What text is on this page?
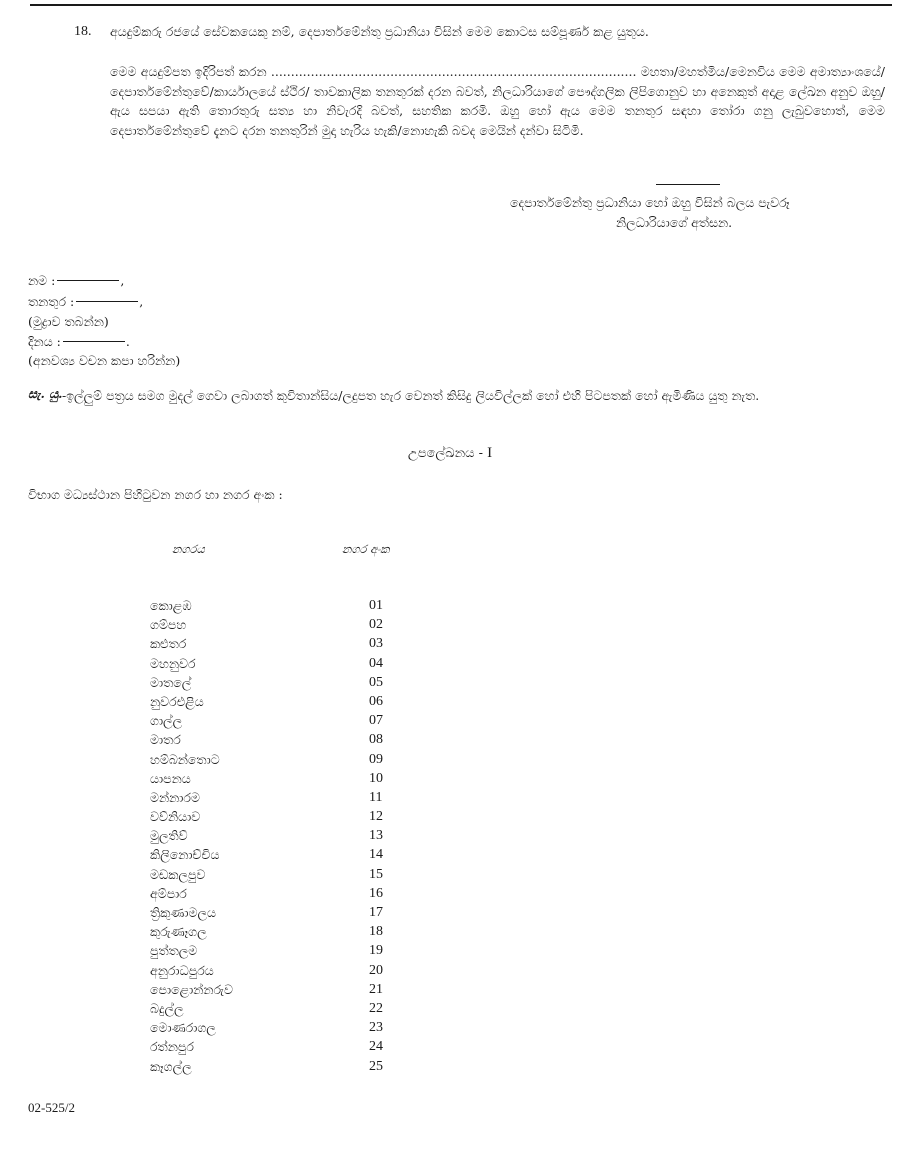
18. අයදුම්කරු රජයේ සේවකයෙකු නම්, දෙපාර්තමේන්තු ප්‍රධානියා විසින් මෙම කොටස සම්පූර්ණ කළ යුතුය.
මෙම අයදුම්පත ඉදිරිපත් කරන ............................................................................................ මහතා/මහත්මිය/මෙනවිය මෙම අමාත්‍යාංශයේ/දෙපාර්තමේන්තුවේ/කාර්යාලයේ ස්ථිර/ තාවකාලික තනතුරක් දරන බවත්, නිලධාරියාගේ පෞද්ගලික ලිපිගොනුව හා අනෙකුත් අදාළ ලේඛන අනුව ඔහු/ඇය සපයා ඇති තොරතුරු සත්‍ය හා නිවැරදි බවත්, සහතික කරමි. ඔහු හෝ ඇය මෙම තනතුර සඳහා තෝරා ගනු ලැබුවහොත්, මෙම දෙපාර්තමේන්තුවේ දැනට දරන තනතුරින් මුදා හැරිය හැකි/නොහැකි බවද මෙයින් දන්වා සිටිමි.
දෙපාර්තමේන්තු ප්‍රධානියා හෝ ඔහු විසින් බලය පැවරූ
නිලධාරියාගේ අත්සන.
නම :	,
තනතුර :	,
(මුද්‍රාව තබන්න)
දිනය :	.
(අනවශ්‍ය වචන කපා හරින්න)
සැ. යු. -ඉල්ලුම් පත්‍රය සමග මුදල් ගෙවා ලබාගත් කුවිතාන්සිය/ලදුපත හැර වෙනත් කිසිදු ලියවිල්ලක් හෝ එහි පිටපතක් හෝ ඇමිණිය යුතු නැත.
උපලේඛනය - I
විභාග මධ්‍යස්ථාන පිහිටුවන නගර හා නගර අංක :
නගරය	නගර අංක
කොළඹ	01
ගම්පහ	02
කළුතර	03
මහනුවර	04
මාතලේ	05
නුවරඑළිය	06
ගාල්ල	07
මාතර	08
හම්බන්තොට	09
යාපනය	10
මන්නාරම	11
වව්නියාව	12
මුලතිව්	13
කිලිනොච්චිය	14
මඩකලපුව	15
අම්පාර	16
ත්‍රිකුණාමලය	17
කුරුණෑගල	18
පුත්තලම	19
අනුරාධපුරය	20
පොළොන්නරුව	21
බදුල්ල	22
මොණරාගල	23
රත්නපුර	24
කෑගල්ල	25
02-525/2
